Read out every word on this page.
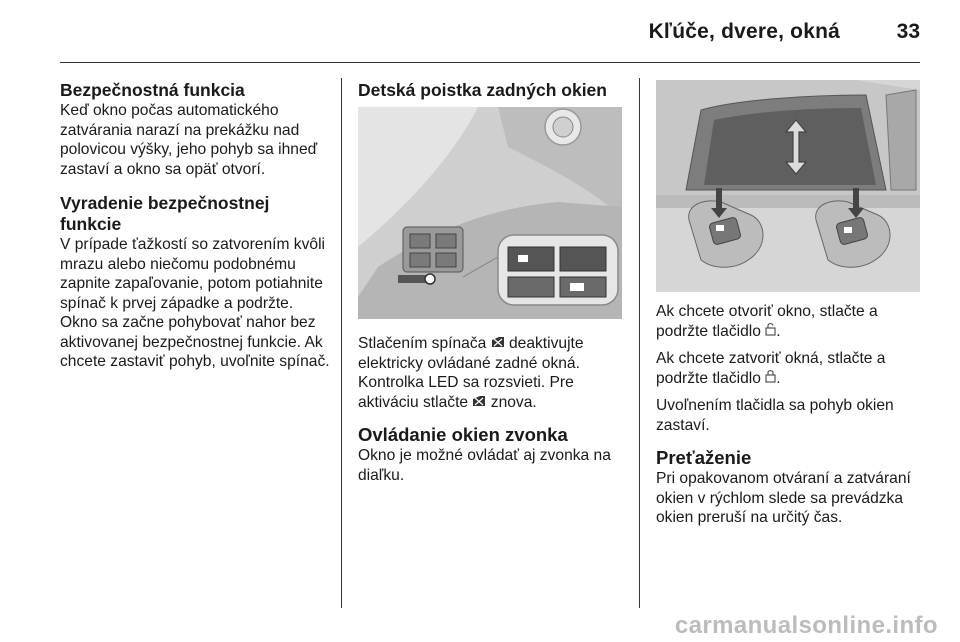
Kľúče, dvere, okná	33
Bezpečnostná funkcia

Keď okno počas automatického zatvárania narazí na prekážku nad polovicou výšky, jeho pohyb sa ihneď zastaví a okno sa opäť otvorí.

Vyradenie bezpečnostnej funkcie

V prípade ťažkostí so zatvorením kvôli mrazu alebo niečomu podobnému zapnite zapaľovanie, potom potiahnite spínač k prvej západke a podržte. Okno sa začne pohybovať nahor bez aktivovanej bezpečnostnej funkcie. Ak chcete zastaviť pohyb, uvoľnite spínač.

Detská poistka zadných okien

Stlačením spínača deaktivujte elektricky ovládané zadné okná. Kontrolka LED sa rozsvieti. Pre aktiváciu stlačte znova.

Ovládanie okien zvonka

Okno je možné ovládať aj zvonka na diaľku.

Ak chcete otvoriť okno, stlačte a podržte tlačidlo .

Ak chcete zatvoriť okná, stlačte a podržte tlačidlo .

Uvoľnením tlačidla sa pohyb okien zastaví.

Preťaženie

Pri opakovanom otváraní a zatváraní okien v rýchlom slede sa prevádzka okien preruší na určitý čas.

carmanualsonline.info
